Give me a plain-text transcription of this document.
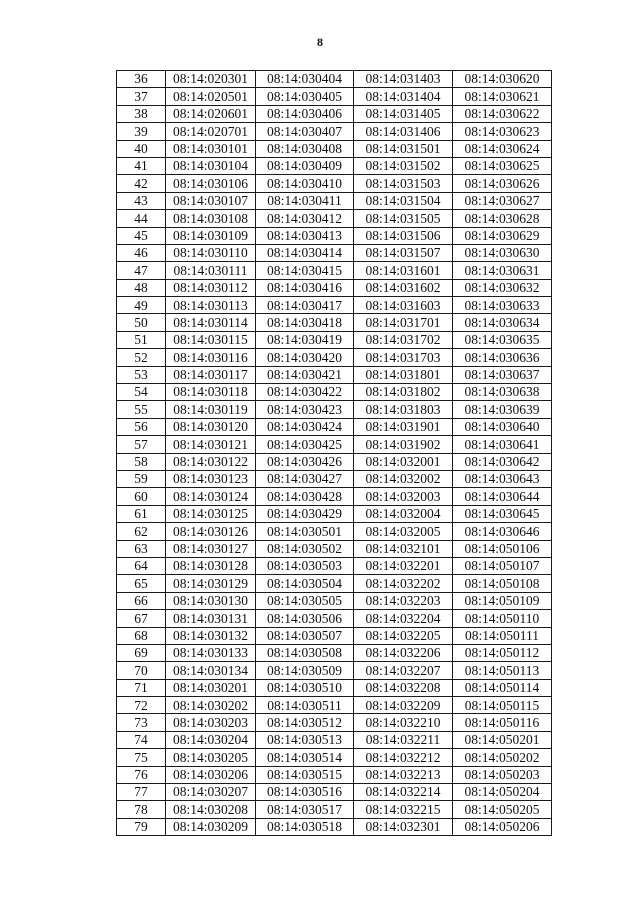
8
36	08:14:020301	08:14:030404	08:14:031403	08:14:030620
37	08:14:020501	08:14:030405	08:14:031404	08:14:030621
38	08:14:020601	08:14:030406	08:14:031405	08:14:030622
39	08:14:020701	08:14:030407	08:14:031406	08:14:030623
40	08:14:030101	08:14:030408	08:14:031501	08:14:030624
41	08:14:030104	08:14:030409	08:14:031502	08:14:030625
42	08:14:030106	08:14:030410	08:14:031503	08:14:030626
43	08:14:030107	08:14:030411	08:14:031504	08:14:030627
44	08:14:030108	08:14:030412	08:14:031505	08:14:030628
45	08:14:030109	08:14:030413	08:14:031506	08:14:030629
46	08:14:030110	08:14:030414	08:14:031507	08:14:030630
47	08:14:030111	08:14:030415	08:14:031601	08:14:030631
48	08:14:030112	08:14:030416	08:14:031602	08:14:030632
49	08:14:030113	08:14:030417	08:14:031603	08:14:030633
50	08:14:030114	08:14:030418	08:14:031701	08:14:030634
51	08:14:030115	08:14:030419	08:14:031702	08:14:030635
52	08:14:030116	08:14:030420	08:14:031703	08:14:030636
53	08:14:030117	08:14:030421	08:14:031801	08:14:030637
54	08:14:030118	08:14:030422	08:14:031802	08:14:030638
55	08:14:030119	08:14:030423	08:14:031803	08:14:030639
56	08:14:030120	08:14:030424	08:14:031901	08:14:030640
57	08:14:030121	08:14:030425	08:14:031902	08:14:030641
58	08:14:030122	08:14:030426	08:14:032001	08:14:030642
59	08:14:030123	08:14:030427	08:14:032002	08:14:030643
60	08:14:030124	08:14:030428	08:14:032003	08:14:030644
61	08:14:030125	08:14:030429	08:14:032004	08:14:030645
62	08:14:030126	08:14:030501	08:14:032005	08:14:030646
63	08:14:030127	08:14:030502	08:14:032101	08:14:050106
64	08:14:030128	08:14:030503	08:14:032201	08:14:050107
65	08:14:030129	08:14:030504	08:14:032202	08:14:050108
66	08:14:030130	08:14:030505	08:14:032203	08:14:050109
67	08:14:030131	08:14:030506	08:14:032204	08:14:050110
68	08:14:030132	08:14:030507	08:14:032205	08:14:050111
69	08:14:030133	08:14:030508	08:14:032206	08:14:050112
70	08:14:030134	08:14:030509	08:14:032207	08:14:050113
71	08:14:030201	08:14:030510	08:14:032208	08:14:050114
72	08:14:030202	08:14:030511	08:14:032209	08:14:050115
73	08:14:030203	08:14:030512	08:14:032210	08:14:050116
74	08:14:030204	08:14:030513	08:14:032211	08:14:050201
75	08:14:030205	08:14:030514	08:14:032212	08:14:050202
76	08:14:030206	08:14:030515	08:14:032213	08:14:050203
77	08:14:030207	08:14:030516	08:14:032214	08:14:050204
78	08:14:030208	08:14:030517	08:14:032215	08:14:050205
79	08:14:030209	08:14:030518	08:14:032301	08:14:050206
